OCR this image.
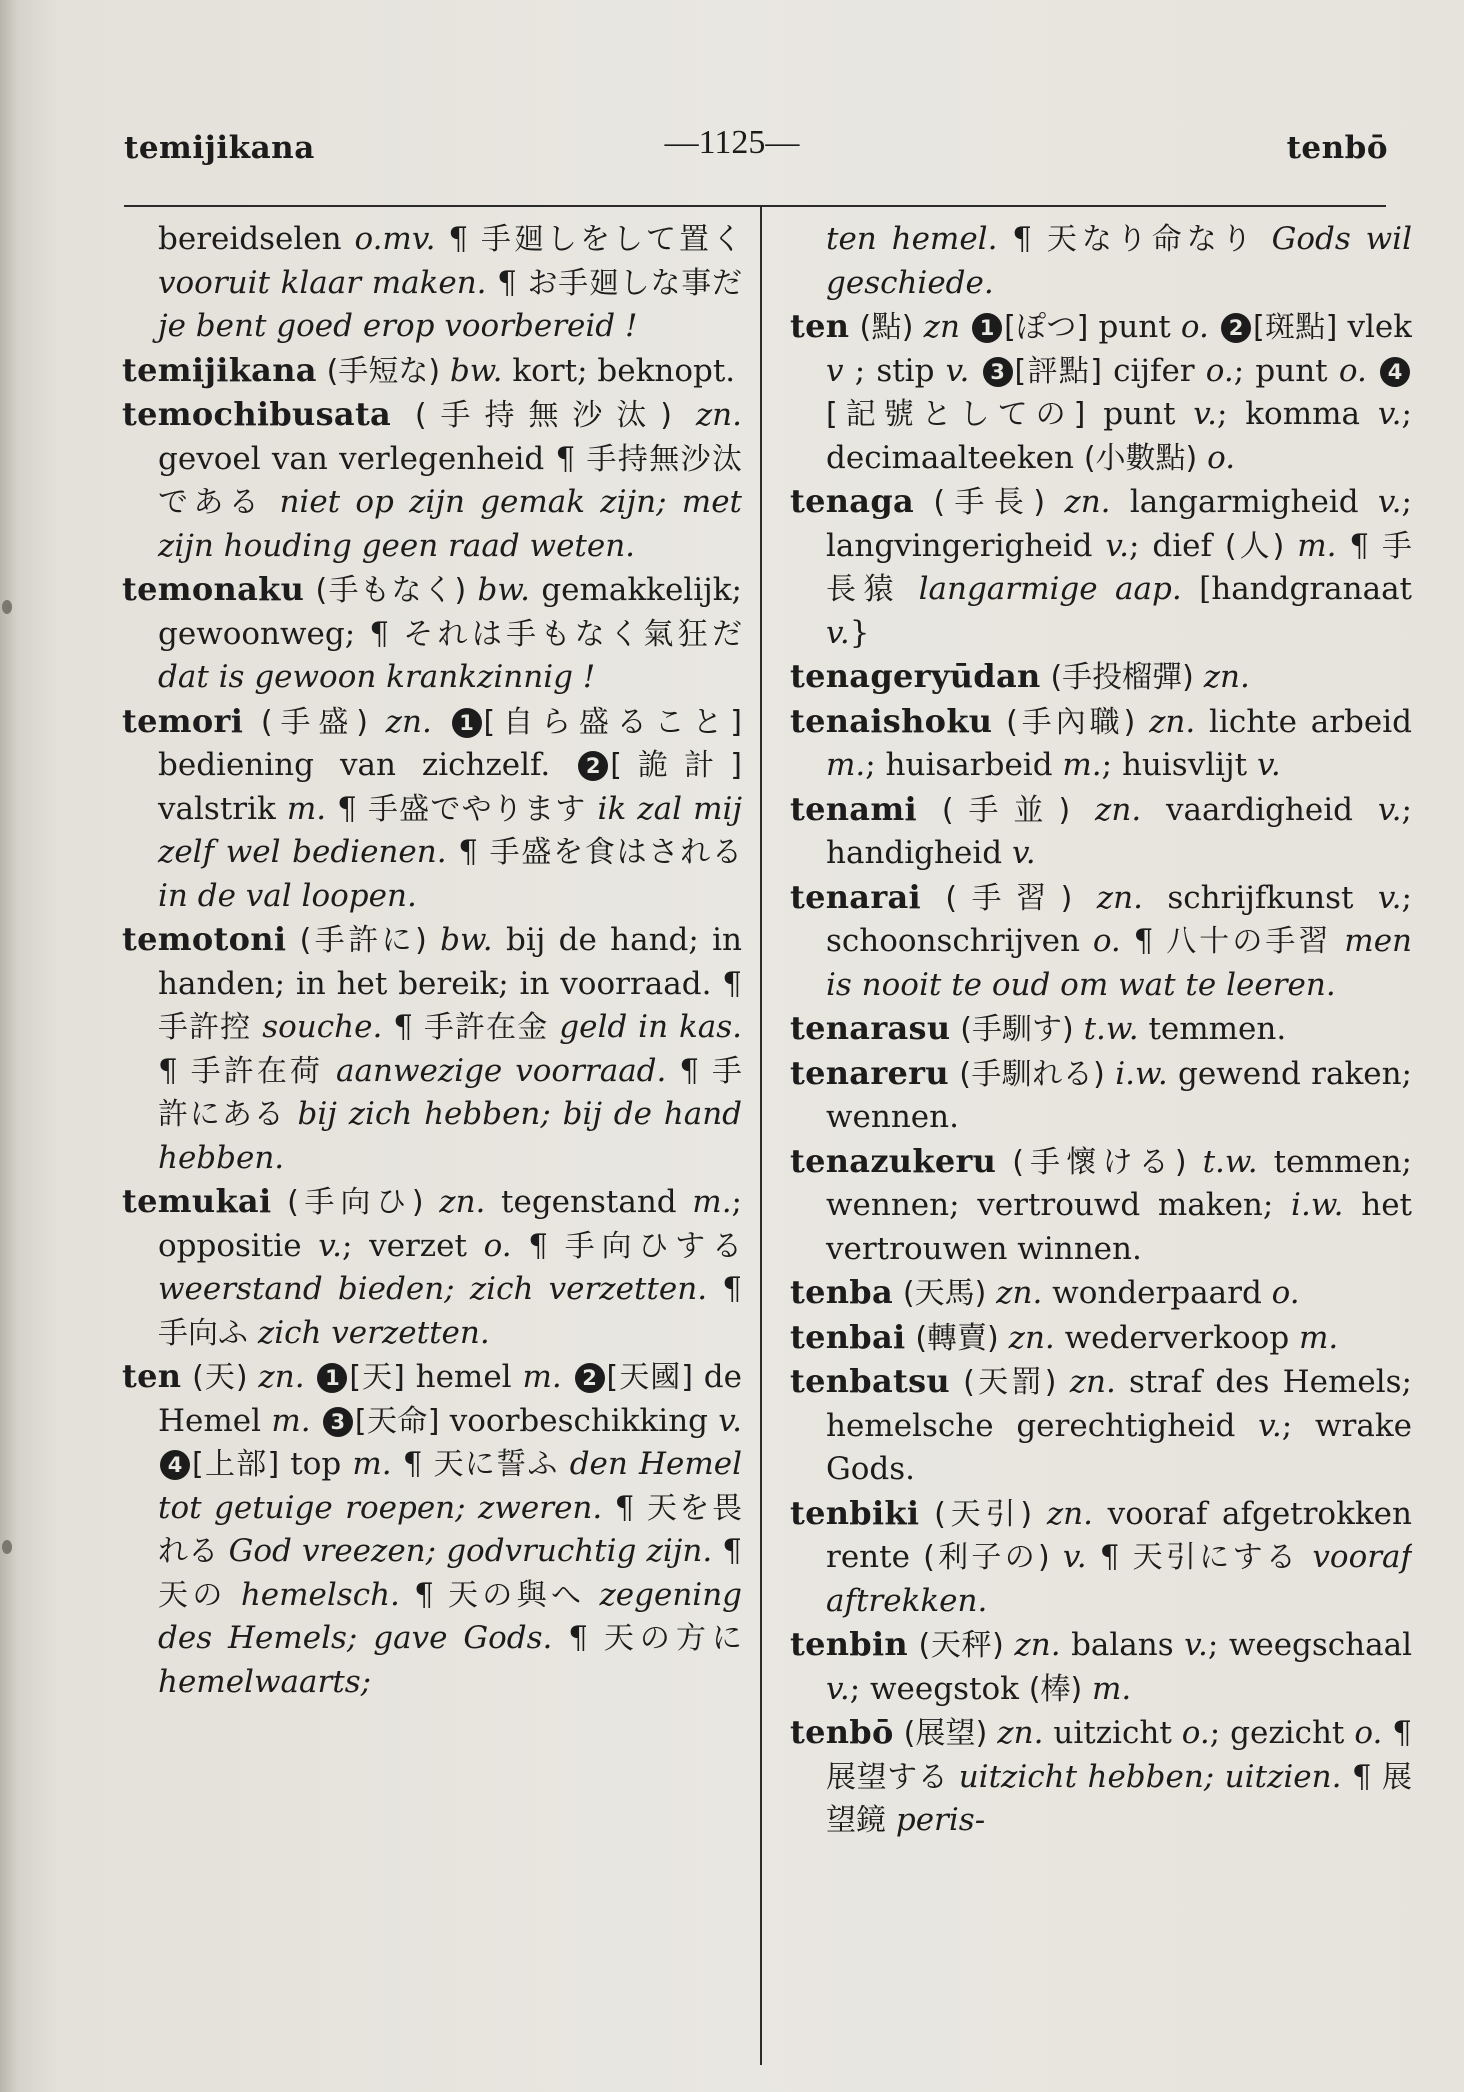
temijikana	—1125—	tenbō

bereidselen o.mv. ¶ 手廻しをして置く vooruit klaar maken. ¶ お手廻しな事だ je bent goed erop voorbereid !

temijikana (手短な) bw. kort; beknopt.

temochibusata (手持無沙汰) zn. gevoel van verlegenheid ¶ 手持無沙汰である niet op zijn gemak zijn; met zijn houding geen raad weten.

temonaku (手もなく) bw. gemakkelijk; gewoonweg; ¶ それは手もなく氣狂だ dat is gewoon krankzinnig !

temori (手盛) zn. 1 [自ら盛ること] bediening van zichzelf. 2 [詭計] valstrik m. ¶ 手盛でやります ik zal mij zelf wel bedienen. ¶ 手盛を食はされる in de val loopen.

temotoni (手許に) bw. bij de hand; in handen; in het bereik; in voorraad. ¶ 手許控 souche. ¶ 手許在金 geld in kas. ¶ 手許在荷 aanwezige voorraad. ¶ 手許にある bij zich hebben; bij de hand hebben.

temukai (手向ひ) zn. tegenstand m.; oppositie v.; verzet o. ¶ 手向ひする weerstand bieden; zich verzetten. ¶ 手向ふ zich verzetten.

ten (天) zn. 1 [天] hemel m. 2 [天國] de Hemel m. 3 [天命] voorbeschikking v. 4 [上部] top m. ¶ 天に誓ふ den Hemel tot getuige roepen; zweren. ¶ 天を畏れる God vreezen; godvruchtig zijn. ¶ 天の hemelsch. ¶ 天の與へ zegening des Hemels; gave Gods. ¶ 天の方に hemelwaarts;

ten hemel. ¶ 天なり命なり Gods wil geschiede.

ten (點) zn 1 [ぽつ] punt o. 2 [斑點] vlek v ; stip v. 3 [評點] cijfer o.; punt o. 4[記號としての] punt v.; komma v.; decimaalteeken (小數點) o.

tenaga (手長) zn. langarmigheid v.; langvingerigheid v.; dief (人) m. ¶ 手長猿 langarmige aap. [handgranaat v.}

tenageryūdan (手投榴彈) zn.

tenaishoku (手內職) zn. lichte arbeid m.; huisarbeid m.; huisvlijt v.

tenami (手並) zn. vaardigheid v.; handigheid v.

tenarai (手習) zn. schrijfkunst v.; schoonschrijven o. ¶ 八十の手習 men is nooit te oud om wat te leeren.

tenarasu (手馴す) t.w. temmen.

tenareru (手馴れる) i.w. gewend raken; wennen.

tenazukeru (手懷ける) t.w. temmen; wennen; vertrouwd maken; i.w. het vertrouwen winnen.

tenba (天馬) zn. wonderpaard o.

tenbai (轉賣) zn. wederverkoop m.

tenbatsu (天罰) zn. straf des Hemels; hemelsche gerechtigheid v.; wrake Gods.

tenbiki (天引) zn. vooraf afgetrokken rente (利子の) v. ¶ 天引にする vooraf aftrekken.

tenbin (天秤) zn. balans v.; weegschaal v.; weegstok (棒) m.

tenbō (展望) zn. uitzicht o.; gezicht o. ¶ 展望する uitzicht hebben; uitzien. ¶ 展望鏡 peris-
